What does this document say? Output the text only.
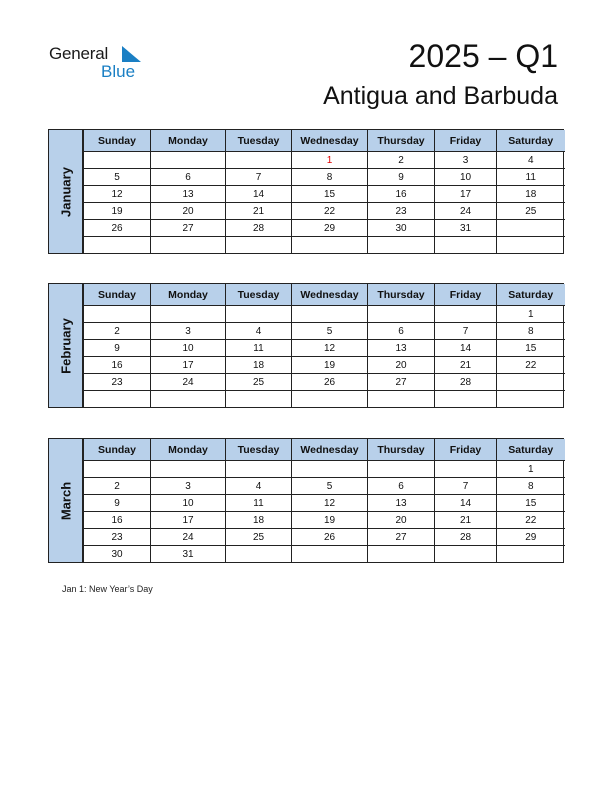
General
Blue	2025 – Q1
Antigua and Barbuda
January
Sunday	Monday	Tuesday	Wednesday	Thursday	Friday	Saturday
			1	2	3	4
5	6	7	8	9	10	11
12	13	14	15	16	17	18
19	20	21	22	23	24	25
26	27	28	29	30	31	

February
Sunday	Monday	Tuesday	Wednesday	Thursday	Friday	Saturday
						1
2	3	4	5	6	7	8
9	10	11	12	13	14	15
16	17	18	19	20	21	22
23	24	25	26	27	28	

March
Sunday	Monday	Tuesday	Wednesday	Thursday	Friday	Saturday
						1
2	3	4	5	6	7	8
9	10	11	12	13	14	15
16	17	18	19	20	21	22
23	24	25	26	27	28	29
30	31					
Jan 1: New Year’s Day
